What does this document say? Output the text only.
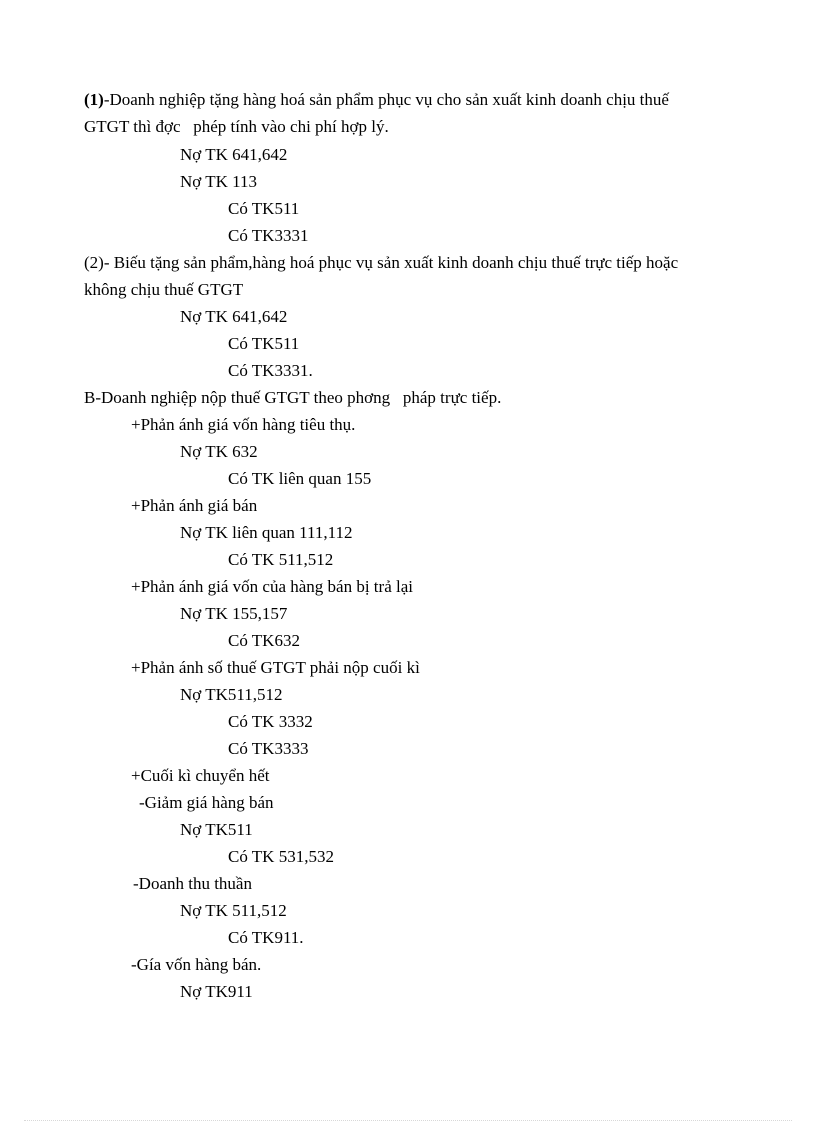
(1)-Doanh nghiệp tặng hàng hoá sản phẩm phục vụ cho sản xuất kinh doanh chịu thuế
GTGT thì đợc   phép tính vào chi phí hợp lý.
Nợ TK 641,642
Nợ TK 113
Có TK511
Có TK3331
(2)- Biếu tặng sản phẩm,hàng hoá phục vụ sản xuất kinh doanh chịu thuế trực tiếp hoặc
không chịu thuế GTGT
Nợ TK 641,642
Có TK511
Có TK3331.
B-Doanh nghiệp nộp thuế GTGT theo phơng   pháp trực tiếp.
+Phản ánh giá vốn hàng tiêu thụ.
Nợ TK 632
Có TK liên quan 155
+Phản ánh giá bán
Nợ TK liên quan 111,112
Có TK 511,512
+Phản ánh giá vốn của hàng bán bị trả lại
Nợ TK 155,157
Có TK632
+Phản ánh số thuế GTGT phải nộp cuối kì
Nợ TK511,512
Có TK 3332
Có TK3333
+Cuối kì chuyển hết
-Giảm giá hàng bán
Nợ TK511
Có TK 531,532
-Doanh thu thuần
Nợ TK 511,512
Có TK911.
-Gía vốn hàng bán.
Nợ TK911
